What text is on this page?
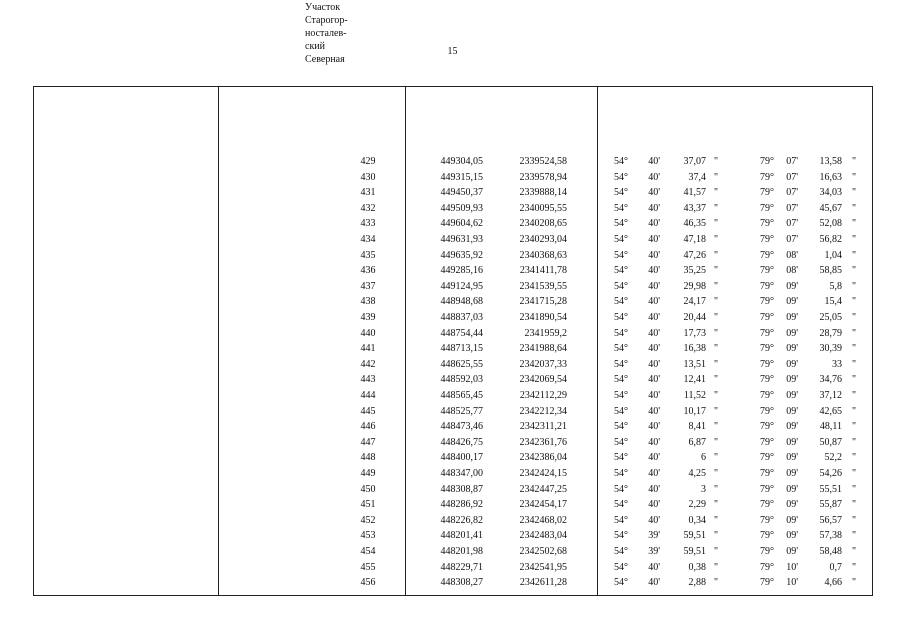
15
Участок
Старогор-
носталев-
ский
Северная
429	449304,05	2339524,58	54°	40'	37,07 "	79°	07'	13,58 "
430	449315,15	2339578,94	54°	40'	37,4 "	79°	07'	16,63 "
431	449450,37	2339888,14	54°	40'	41,57 "	79°	07'	34,03 "
432	449509,93	2340095,55	54°	40'	43,37 "	79°	07'	45,67 "
433	449604,62	2340208,65	54°	40'	46,35 "	79°	07'	52,08 "
434	449631,93	2340293,04	54°	40'	47,18 "	79°	07'	56,82 "
435	449635,92	2340368,63	54°	40'	47,26 "	79°	08'	1,04 "
436	449285,16	2341411,78	54°	40'	35,25 "	79°	08'	58,85 "
437	449124,95	2341539,55	54°	40'	29,98 "	79°	09'	5,8 "
438	448948,68	2341715,28	54°	40'	24,17 "	79°	09'	15,4 "
439	448837,03	2341890,54	54°	40'	20,44 "	79°	09'	25,05 "
440	448754,44	2341959,2	54°	40'	17,73 "	79°	09'	28,79 "
441	448713,15	2341988,64	54°	40'	16,38 "	79°	09'	30,39 "
442	448625,55	2342037,33	54°	40'	13,51 "	79°	09'	33 "
443	448592,03	2342069,54	54°	40'	12,41 "	79°	09'	34,76 "
444	448565,45	2342112,29	54°	40'	11,52 "	79°	09'	37,12 "
445	448525,77	2342212,34	54°	40'	10,17 "	79°	09'	42,65 "
446	448473,46	2342311,21	54°	40'	8,41 "	79°	09'	48,11 "
447	448426,75	2342361,76	54°	40'	6,87 "	79°	09'	50,87 "
448	448400,17	2342386,04	54°	40'	6 "	79°	09'	52,2 "
449	448347,00	2342424,15	54°	40'	4,25 "	79°	09'	54,26 "
450	448308,87	2342447,25	54°	40'	3 "	79°	09'	55,51 "
451	448286,92	2342454,17	54°	40'	2,29 "	79°	09'	55,87 "
452	448226,82	2342468,02	54°	40'	0,34 "	79°	09'	56,57 "
453	448201,41	2342483,04	54°	39'	59,51 "	79°	09'	57,38 "
454	448201,98	2342502,68	54°	39'	59,51 "	79°	09'	58,48 "
455	448229,71	2342541,95	54°	40'	0,38 "	79°	10'	0,7 "
456	448308,27	2342611,28	54°	40'	2,88 "	79°	10'	4,66 "
